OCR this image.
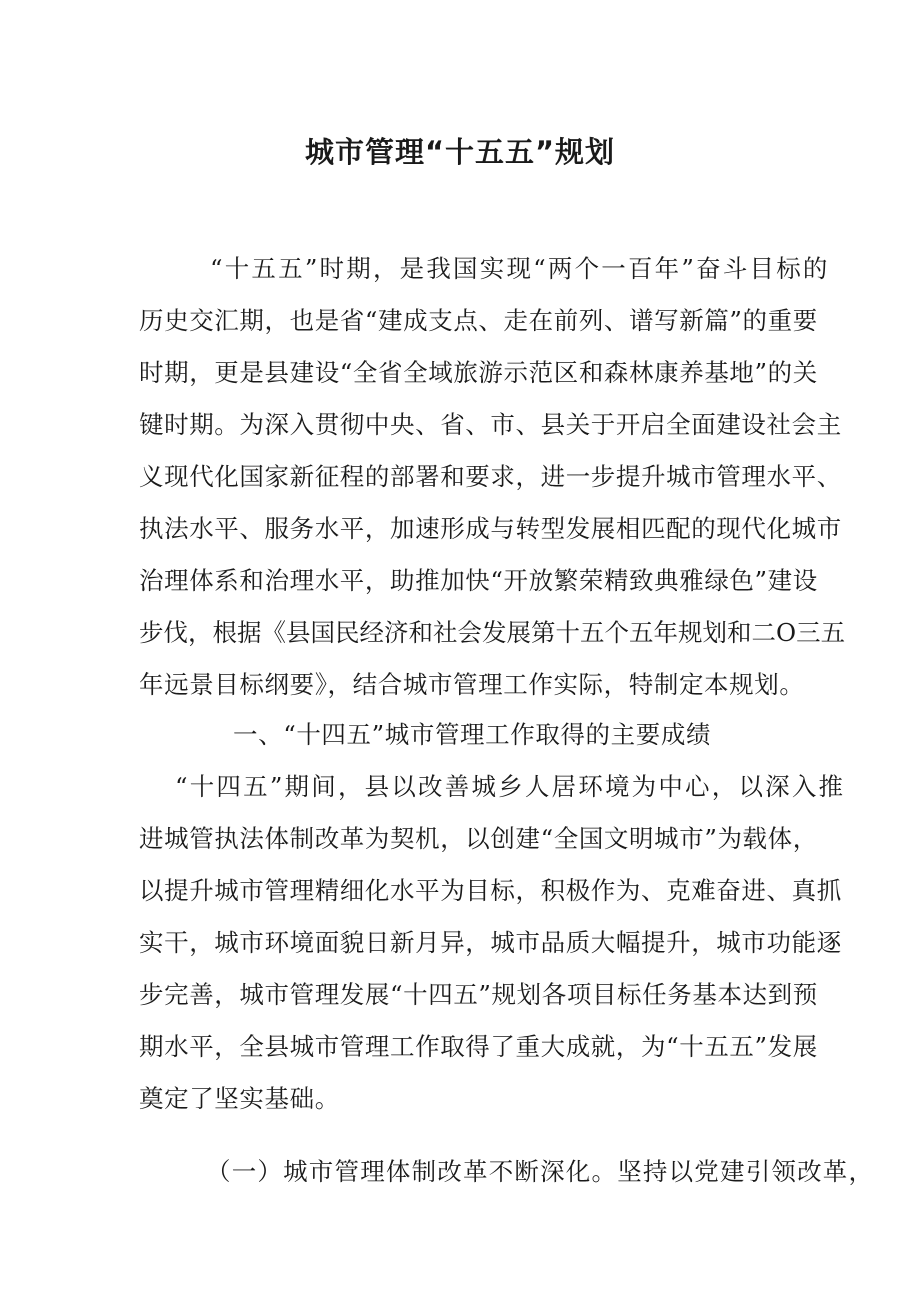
城市管理“十五五”规划
“十五五”时期，是我国实现“两个一百年”奋斗目标的
历史交汇期，也是省“建成支点、走在前列、谱写新篇”的重要
时期，更是县建设“全省全域旅游示范区和森林康养基地”的关
键时期。为深入贯彻中央、省、市、县关于开启全面建设社会主
义现代化国家新征程的部署和要求，进一步提升城市管理水平、
执法水平、服务水平，加速形成与转型发展相匹配的现代化城市
治理体系和治理水平，助推加快“开放繁荣精致典雅绿色”建设
步伐，根据《县国民经济和社会发展第十五个五年规划和二O三五
年远景目标纲要》，结合城市管理工作实际，特制定本规划。
一、“十四五”城市管理工作取得的主要成绩
“十四五”期间，县以改善城乡人居环境为中心，以深入推
进城管执法体制改革为契机，以创建“全国文明城市”为载体，
以提升城市管理精细化水平为目标，积极作为、克难奋进、真抓
实干，城市环境面貌日新月异，城市品质大幅提升，城市功能逐
步完善，城市管理发展“十四五”规划各项目标任务基本达到预
期水平，全县城市管理工作取得了重大成就，为“十五五”发展
奠定了坚实基础。
（一）城市管理体制改革不断深化。坚持以党建引领改革，
